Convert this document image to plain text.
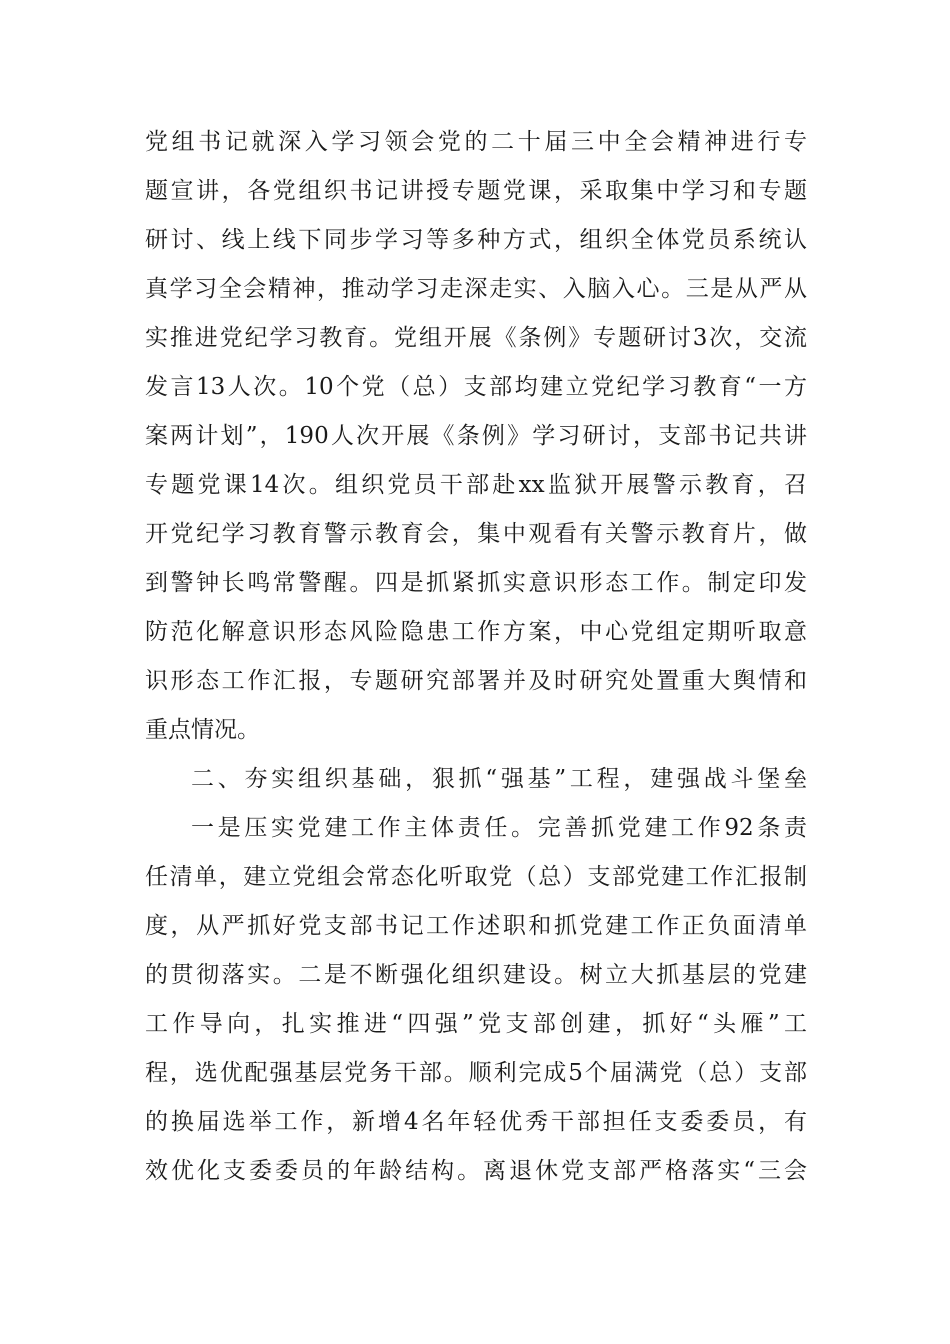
党组书记就深入学习领会党的二十届三中全会精神进行专
题宣讲，各党组织书记讲授专题党课，采取集中学习和专题
研讨、线上线下同步学习等多种方式，组织全体党员系统认
真学习全会精神，推动学习走深走实、入脑入心。三是从严从
实推进党纪学习教育。党组开展《条例》专题研讨3次，交流
发言13人次。10个党（总）支部均建立党纪学习教育“一方
案两计划”，190人次开展《条例》学习研讨，支部书记共讲
专题党课14次。组织党员干部赴xx监狱开展警示教育，召
开党纪学习教育警示教育会，集中观看有关警示教育片，做
到警钟长鸣常警醒。四是抓紧抓实意识形态工作。制定印发
防范化解意识形态风险隐患工作方案，中心党组定期听取意
识形态工作汇报，专题研究部署并及时研究处置重大舆情和
重点情况。
二、夯实组织基础，狠抓“强基”工程，建强战斗堡垒
一是压实党建工作主体责任。完善抓党建工作92条责
任清单，建立党组会常态化听取党（总）支部党建工作汇报制
度，从严抓好党支部书记工作述职和抓党建工作正负面清单
的贯彻落实。二是不断强化组织建设。树立大抓基层的党建
工作导向，扎实推进“四强”党支部创建，抓好“头雁”工
程，选优配强基层党务干部。顺利完成5个届满党（总）支部
的换届选举工作，新增4名年轻优秀干部担任支委委员，有
效优化支委委员的年龄结构。离退休党支部严格落实“三会
